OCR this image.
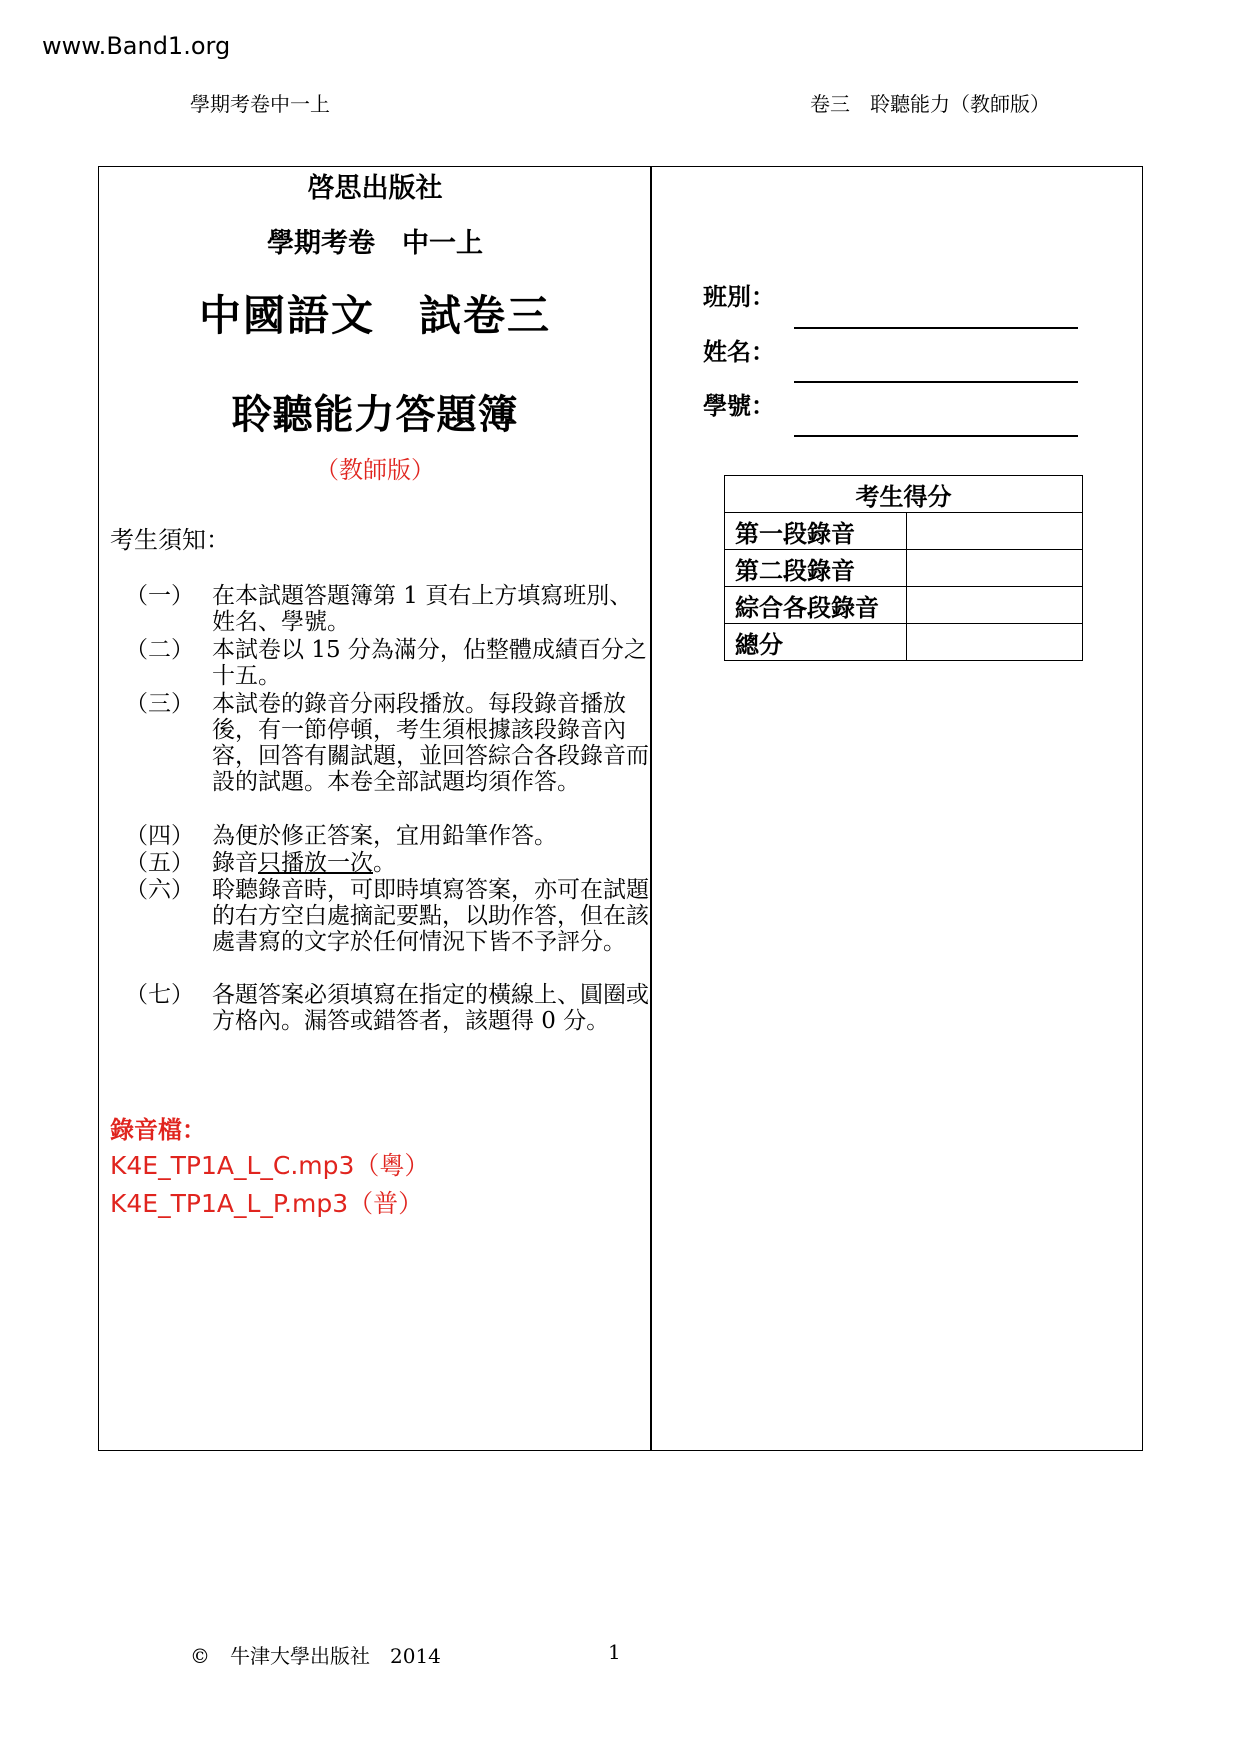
www.Band1.org
學期考卷中一上	卷三　聆聽能力（教師版）
啓思出版社
學期考卷　中一上
中國語文　試卷三
聆聽能力答題簿
（教師版）
考生須知：
（一） 在本試題答題簿第 1 頁右上方填寫班別、姓名、學號。
（二） 本試卷以 15 分為滿分，佔整體成績百分之十五。
（三） 本試卷的錄音分兩段播放。每段錄音播放後，有一節停頓，考生須根據該段錄音內容，回答有關試題，並回答綜合各段錄音而設的試題。本卷全部試題均須作答。
（四） 為便於修正答案，宜用鉛筆作答。
（五） 錄音只播放一次。
（六） 聆聽錄音時，可即時填寫答案，亦可在試題的右方空白處摘記要點，以助作答，但在該處書寫的文字於任何情況下皆不予評分。
（七） 各題答案必須填寫在指定的橫線上、圓圈或方格內。漏答或錯答者，該題得 0 分。
錄音檔：
K4E_TP1A_L_C.mp3（粵）
K4E_TP1A_L_P.mp3（普）
班別：
姓名：
學號：
考生得分	
第一段錄音	
第二段錄音	
綜合各段錄音	
總分	
©　牛津大學出版社　2014	1
